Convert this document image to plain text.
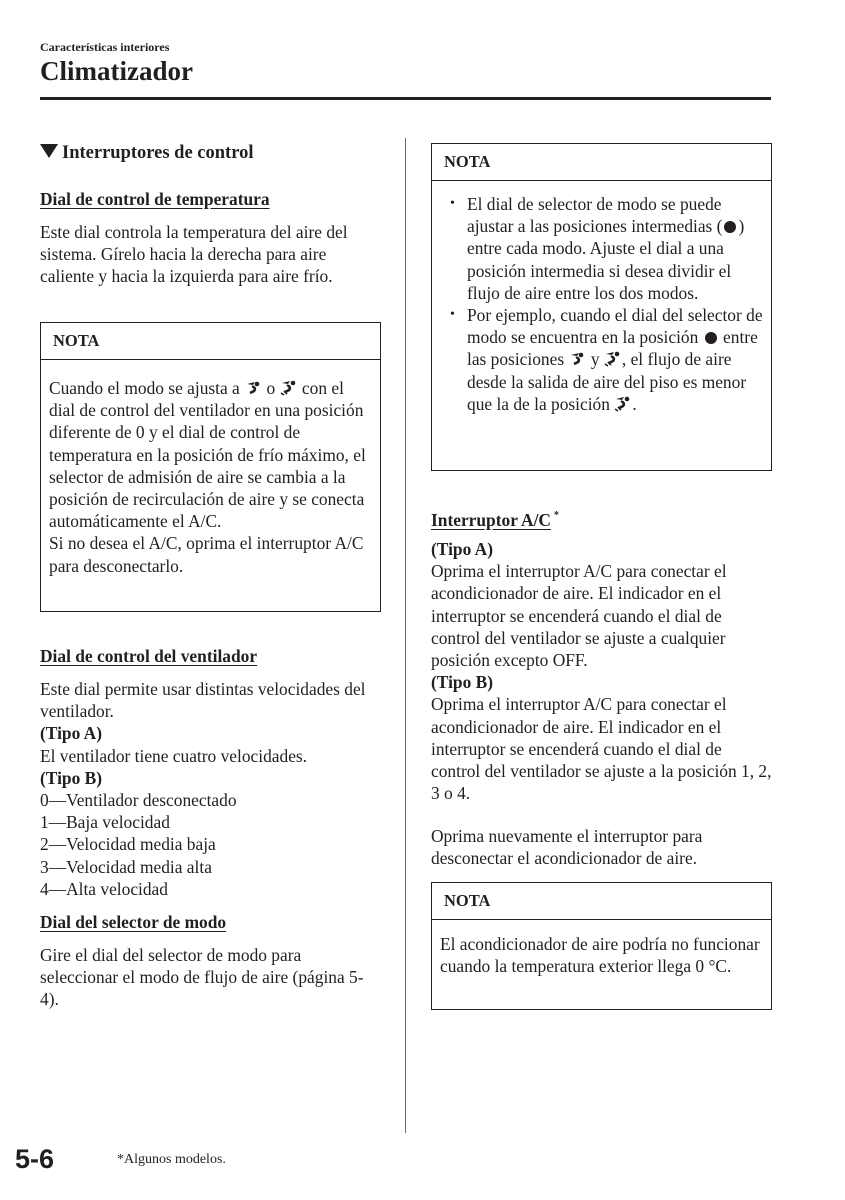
Características interiores
Climatizador
Interruptores de control
Dial de control de temperatura

Este dial controla la temperatura del aire del sistema. Gírelo hacia la derecha para aire caliente y hacia la izquierda para aire frío.

NOTA
Cuando el modo se ajusta a o con el dial de control del ventilador en una posición diferente de 0 y el dial de control de temperatura en la posición de frío máximo, el selector de admisión de aire se cambia a la posición de recirculación de aire y se conecta automáticamente el A/C.
Si no desea el A/C, oprima el interruptor A/C para desconectarlo.
Dial de control del ventilador

Este dial permite usar distintas velocidades del ventilador.

(Tipo A)
El ventilador tiene cuatro velocidades.
(Tipo B)
0—Ventilador desconectado
1—Baja velocidad
2—Velocidad media baja
3—Velocidad media alta
4—Alta velocidad
Dial del selector de modo

Gire el dial del selector de modo para seleccionar el modo de flujo de aire (página 5-4).

NOTA
• El dial de selector de modo se puede ajustar a las posiciones intermedias ( ) entre cada modo. Ajuste el dial a una posición intermedia si desea dividir el flujo de aire entre los dos modos.
• Por ejemplo, cuando el dial del selector de modo se encuentra en la posición entre las posiciones y , el flujo de aire desde la salida de aire del piso es menor que la de la posición .
Interruptor A/C *
(Tipo A)

Oprima el interruptor A/C para conectar el acondicionador de aire. El indicador en el interruptor se encenderá cuando el dial de control del ventilador se ajuste a cualquier posición excepto OFF.

(Tipo B)

Oprima el interruptor A/C para conectar el acondicionador de aire. El indicador en el interruptor se encenderá cuando el dial de control del ventilador se ajuste a la posición 1, 2, 3 o 4.

Oprima nuevamente el interruptor para desconectar el acondicionador de aire.

NOTA
El acondicionador de aire podría no funcionar cuando la temperatura exterior llega 0 °C.
5-6	*Algunos modelos.
